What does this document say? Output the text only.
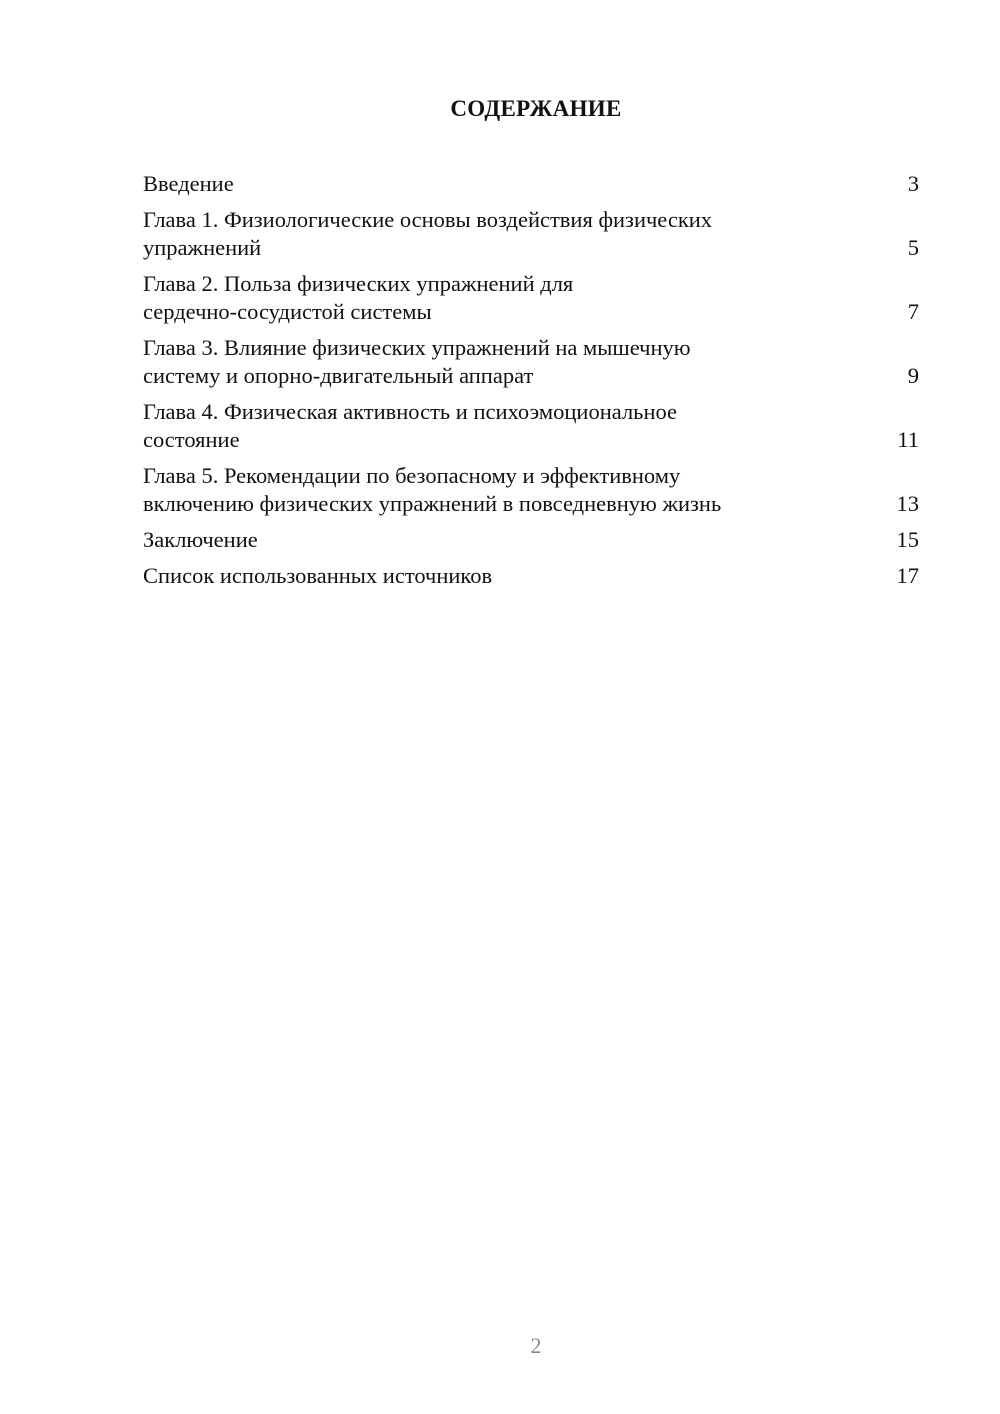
СОДЕРЖАНИЕ
Введение	3
Глава 1. Физиологические основы воздействия физических
упражнений	5
Глава 2. Польза физических упражнений для
сердечно-сосудистой системы	7
Глава 3. Влияние физических упражнений на мышечную
систему и опорно-двигательный аппарат	9
Глава 4. Физическая активность и психоэмоциональное
состояние	11
Глава 5. Рекомендации по безопасному и эффективному
включению физических упражнений в повседневную жизнь	13
Заключение	15
Список использованных источников	17
2
